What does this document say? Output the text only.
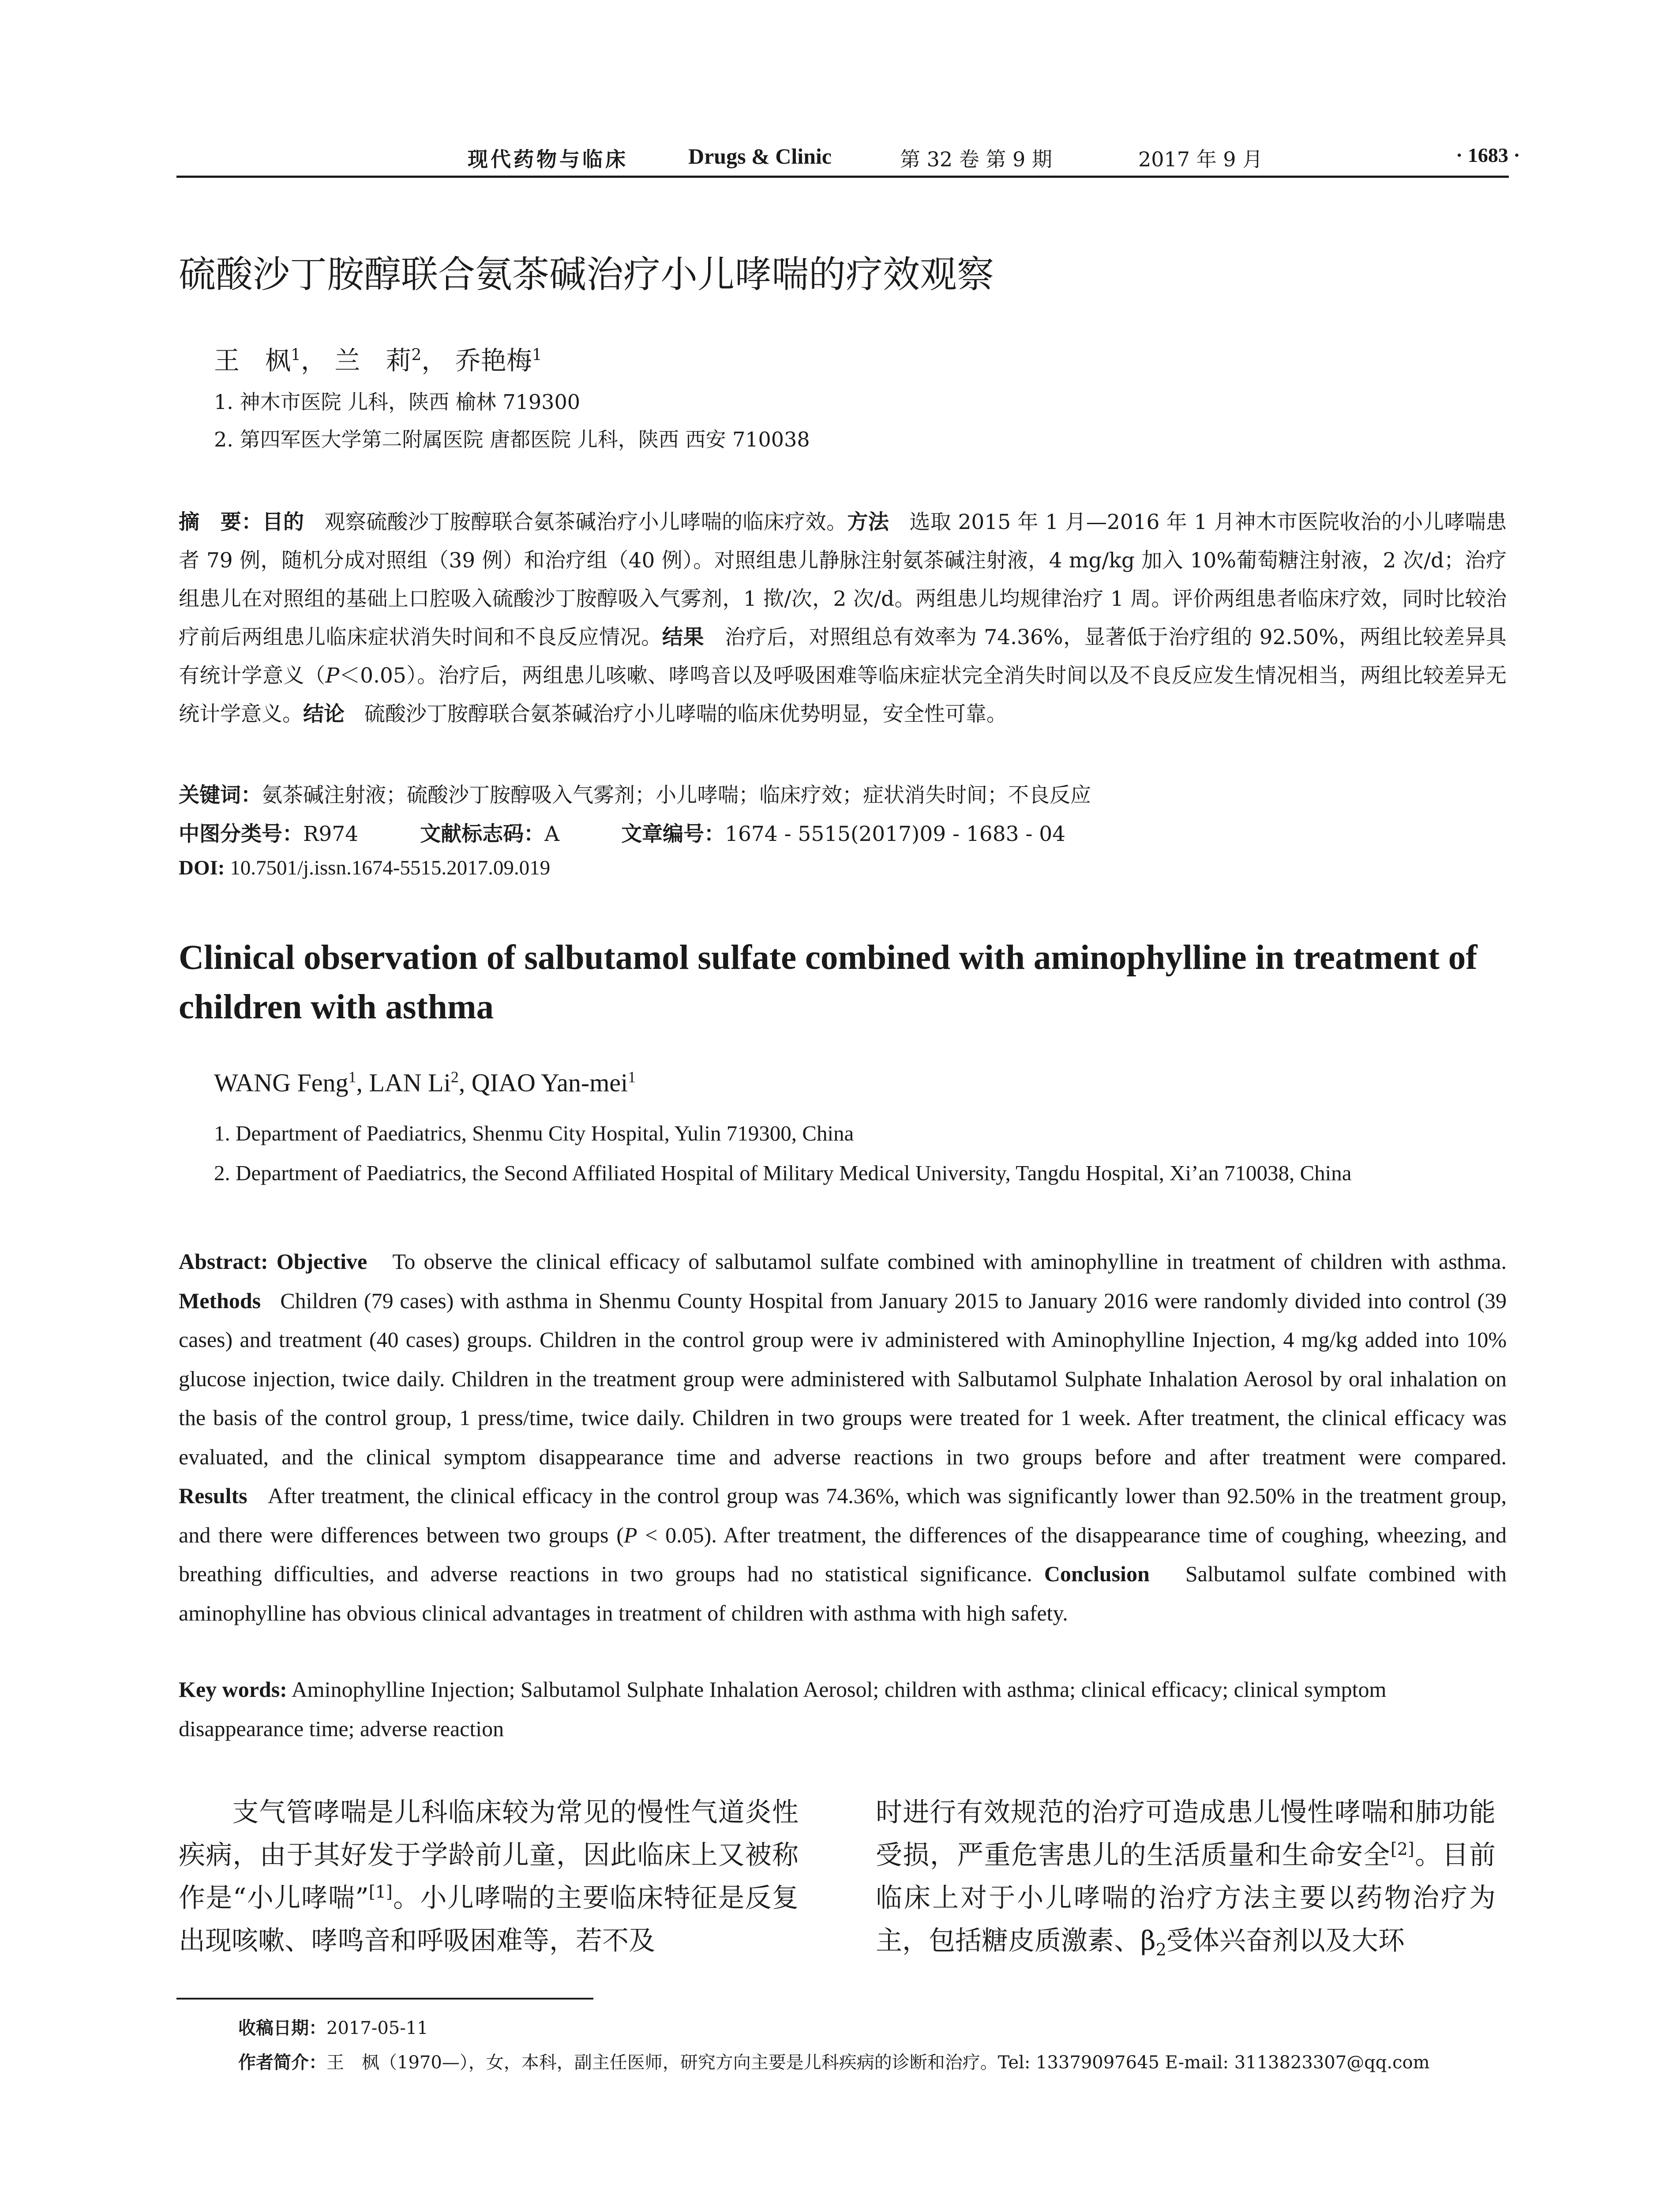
现代药物与临床	Drugs & Clinic	第 32 卷 第 9 期	2017 年 9 月	· 1683 ·
硫酸沙丁胺醇联合氨茶碱治疗小儿哮喘的疗效观察
王　枫$^1$， 兰　莉$^2$， 乔艳梅$^1$
1. 神木市医院 儿科，陕西 榆林 719300
2. 第四军医大学第二附属医院 唐都医院 儿科，陕西 西安 710038
摘　要：目的 观察硫酸沙丁胺醇联合氨茶碱治疗小儿哮喘的临床疗效。方法 选取 2015 年 1 月—2016 年 1 月神木市医院收治的小儿哮喘患者 79 例，随机分成对照组（39 例）和治疗组（40 例）。对照组患儿静脉注射氨茶碱注射液，4 mg/kg 加入 10%葡萄糖注射液，2 次/d；治疗组患儿在对照组的基础上口腔吸入硫酸沙丁胺醇吸入气雾剂，1 揿/次，2 次/d。两组患儿均规律治疗 1 周。评价两组患者临床疗效，同时比较治疗前后两组患儿临床症状消失时间和不良反应情况。结果 治疗后，对照组总有效率为 74.36%，显著低于治疗组的 92.50%，两组比较差异具有统计学意义（P＜0.05）。治疗后，两组患儿咳嗽、哮鸣音以及呼吸困难等临床症状完全消失时间以及不良反应发生情况相当，两组比较差异无统计学意义。结论 硫酸沙丁胺醇联合氨茶碱治疗小儿哮喘的临床优势明显，安全性可靠。
关键词：氨茶碱注射液；硫酸沙丁胺醇吸入气雾剂；小儿哮喘；临床疗效；症状消失时间；不良反应
中图分类号：R974	文献标志码：A	文章编号：1674 - 5515(2017)09 - 1683 - 04
DOI: 10.7501/j.issn.1674-5515.2017.09.019
Clinical observation of salbutamol sulfate combined with aminophylline in treatment of children with asthma
WANG Feng$^1$, LAN Li$^2$, QIAO Yan-mei$^1$
1. Department of Paediatrics, Shenmu City Hospital, Yulin 719300, China
2. Department of Paediatrics, the Second Affiliated Hospital of Military Medical University, Tangdu Hospital, Xi’an 710038, China
Abstract: Objective To observe the clinical efficacy of salbutamol sulfate combined with aminophylline in treatment of children with asthma. Methods Children (79 cases) with asthma in Shenmu County Hospital from January 2015 to January 2016 were randomly divided into control (39 cases) and treatment (40 cases) groups. Children in the control group were iv administered with Aminophylline Injection, 4 mg/kg added into 10% glucose injection, twice daily. Children in the treatment group were administered with Salbutamol Sulphate Inhalation Aerosol by oral inhalation on the basis of the control group, 1 press/time, twice daily. Children in two groups were treated for 1 week. After treatment, the clinical efficacy was evaluated, and the clinical symptom disappearance time and adverse reactions in two groups before and after treatment were compared. Results After treatment, the clinical efficacy in the control group was 74.36%, which was significantly lower than 92.50% in the treatment group, and there were differences between two groups (P < 0.05). After treatment, the differences of the disappearance time of coughing, wheezing, and breathing difficulties, and adverse reactions in two groups had no statistical significance. Conclusion Salbutamol sulfate combined with aminophylline has obvious clinical advantages in treatment of children with asthma with high safety.
Key words: Aminophylline Injection; Salbutamol Sulphate Inhalation Aerosol; children with asthma; clinical efficacy; clinical symptom disappearance time; adverse reaction
  支气管哮喘是儿科临床较为常见的慢性气道炎性疾病，由于其好发于学龄前儿童，因此临床上又被称作是“小儿哮喘”[1]。小儿哮喘的主要临床特征是反复出现咳嗽、哮鸣音和呼吸困难等，若不及
时进行有效规范的治疗可造成患儿慢性哮喘和肺功能受损，严重危害患儿的生活质量和生命安全[2]。目前临床上对于小儿哮喘的治疗方法主要以药物治疗为主，包括糖皮质激素、$\beta_2$受体兴奋剂以及大环
收稿日期：2017-05-11
作者简介：王　枫（1970—），女，本科，副主任医师，研究方向主要是儿科疾病的诊断和治疗。Tel: 13379097645 E-mail: 3113823307@qq.com
